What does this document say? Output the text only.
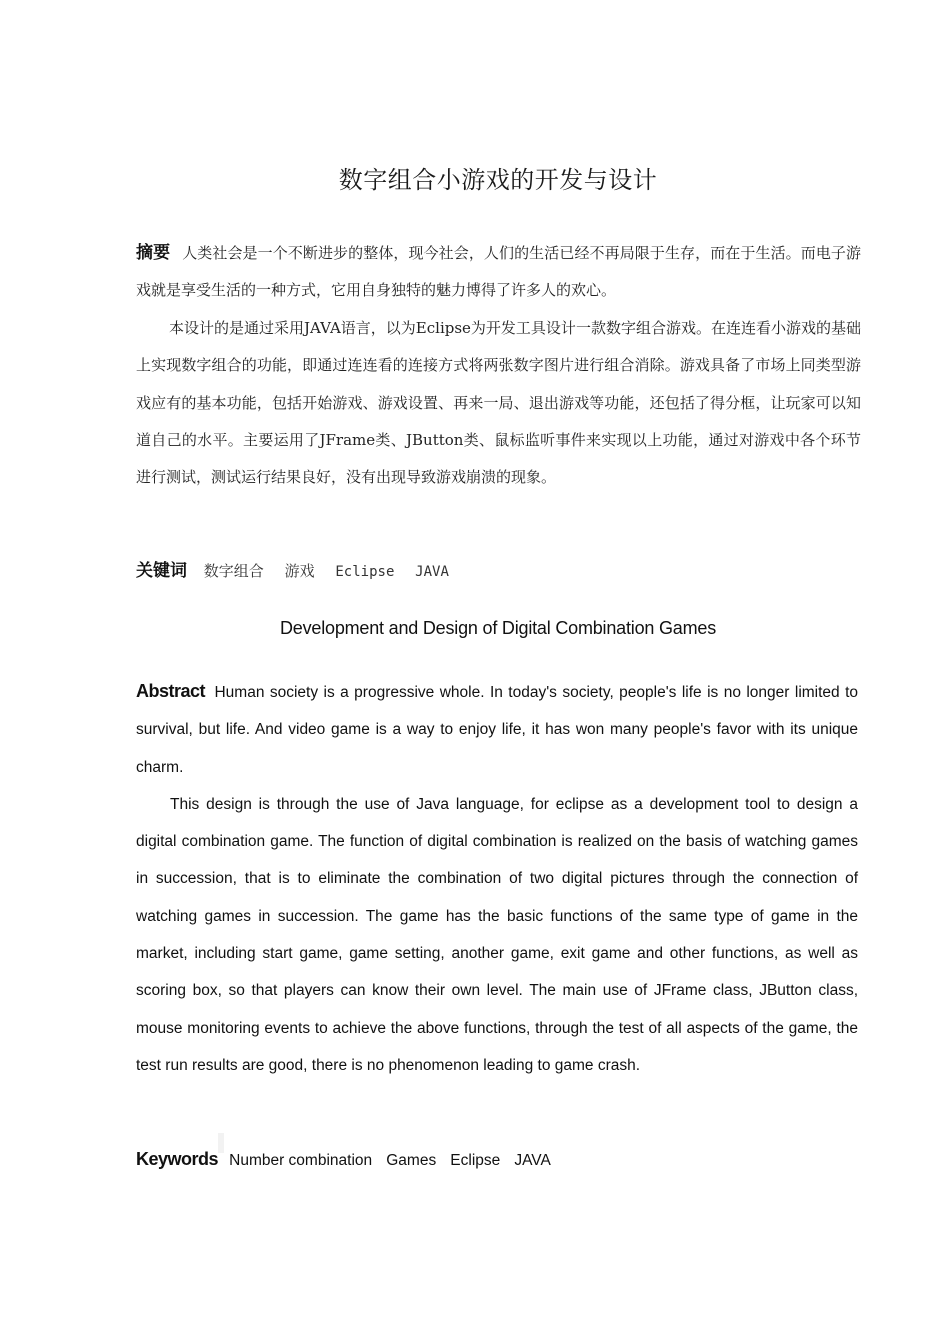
数字组合小游戏的开发与设计

摘要 人类社会是一个不断进步的整体，现今社会，人们的生活已经不再局限于生存，而在于生活。而电子游戏就是享受生活的一种方式，它用自身独特的魅力博得了许多人的欢心。

本设计的是通过采用JAVA语言，以为Eclipse为开发工具设计一款数字组合游戏。在连连看小游戏的基础上实现数字组合的功能，即通过连连看的连接方式将两张数字图片进行组合消除。游戏具备了市场上同类型游戏应有的基本功能，包括开始游戏、游戏设置、再来一局、退出游戏等功能，还包括了得分框，让玩家可以知道自己的水平。主要运用了JFrame类、JButton类、鼠标监听事件来实现以上功能，通过对游戏中各个环节进行测试，测试运行结果良好，没有出现导致游戏崩溃的现象。

关键词 数字组合 游戏 Eclipse JAVA
Development and Design of Digital Combination Games

Abstract Human society is a progressive whole. In today's society, people's life is no longer limited to survival, but life. And video game is a way to enjoy life, it has won many people's favor with its unique charm.

This design is through the use of Java language, for eclipse as a development tool to design a digital combination game. The function of digital combination is realized on the basis of watching games in succession, that is to eliminate the combination of two digital pictures through the connection of watching games in succession. The game has the basic functions of the same type of game in the market, including start game, game setting, another game, exit game and other functions, as well as scoring box, so that players can know their own level. The main use of JFrame class, JButton class, mouse monitoring events to achieve the above functions, through the test of all aspects of the game, the test run results are good, there is no phenomenon leading to game crash.

Keywords Number combination Games Eclipse JAVA
